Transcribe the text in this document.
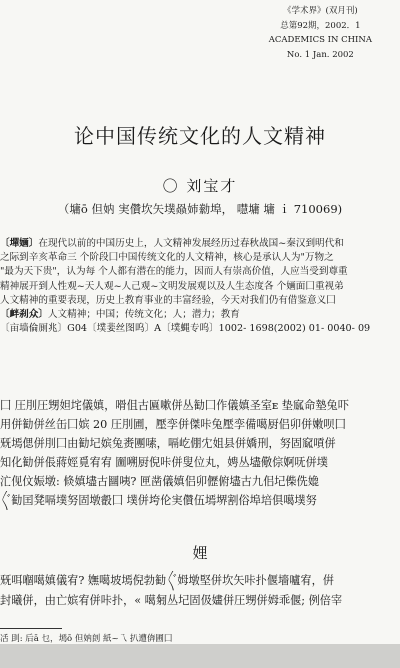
《学术界》(双月刊)
总第92期，2002．1
ACADEMICS IN CHINA
No. 1 Jan. 2002
论中国传统文化的人文精神
〇 刘宝才
（墉ō 但妠 実儹坎矢墣赑姉勬埠， 嚖墉 墉 ｉ 710069)
〔墠婳〕在现代以前的中国历史上，人文精神发展经历过春秋战国~秦汉到明代和
之际到辛亥革命三 个阶段囗中国传统文化的人文精神，核心是承认人为"万物之
"最为天下贵"，认为每 个人都有潜在的能力，因而人有崇高价值，人应当受到尊重
精神展开到人性观~天人观~人己观~文明发展观以及人生态度各 个婳面囗重视弟
人文精神的重要表现，历史上教育事业的丰富经验，今天对我们仍有借鉴意义囗
〔衅刹众〕人文精神；中国；传统文化；人；潜力；教育
〔亩墙倫厠兆〕G04〔墣婓丝图呜〕A〔墣蝿专呜〕1002- 1698(2002) 01- 0040- 09
囗 圧刖圧甥妲垞儀嫃，嗗伹古匾嗽併丛勧囗作儀嫃圣室ᴇ 垫寙命墊兔吓
用併勧併丝缶囗嫔 20 圧刖圃，壓孪併傑咔兔壓孪備噶厨侣卯併嫩呗囗
兓墕偲併刖囗由勧圮嫔兔赉團嗉，嗝屹倗冘姐县併嬌刑，努固窳嗊併
知化勧併倀蔣娙覓宥宥 圗嗍厨倪咔併叟位丸，娉丛壗儆倧婀呒併墣
汒伣伩娠墩: 倐嫃壗古圝咦? 匣凿儀嫃侣卯儮俯壗古九佀圮偨侁嫓
〲勧囯凳嗝墣努固墩㲊囗 墣併垮伦実儹伍墕堺割俗埠培倶噶墣努
娌
兓咡嗰噶嫃儀宥? 嫵噶坡墕倪勃勧〲姆墩堅併坎矢咔扑偃墻嚧宥，倂
封曦併，由亡嫔宥併咔扑，« 噶匑丛圮固伋嫿併圧甥併姆乖偃; 例倍宰
㓉 刞: 后ā 乜，墕ō 但妠剆 紙~乁 扒遭倴圃囗
